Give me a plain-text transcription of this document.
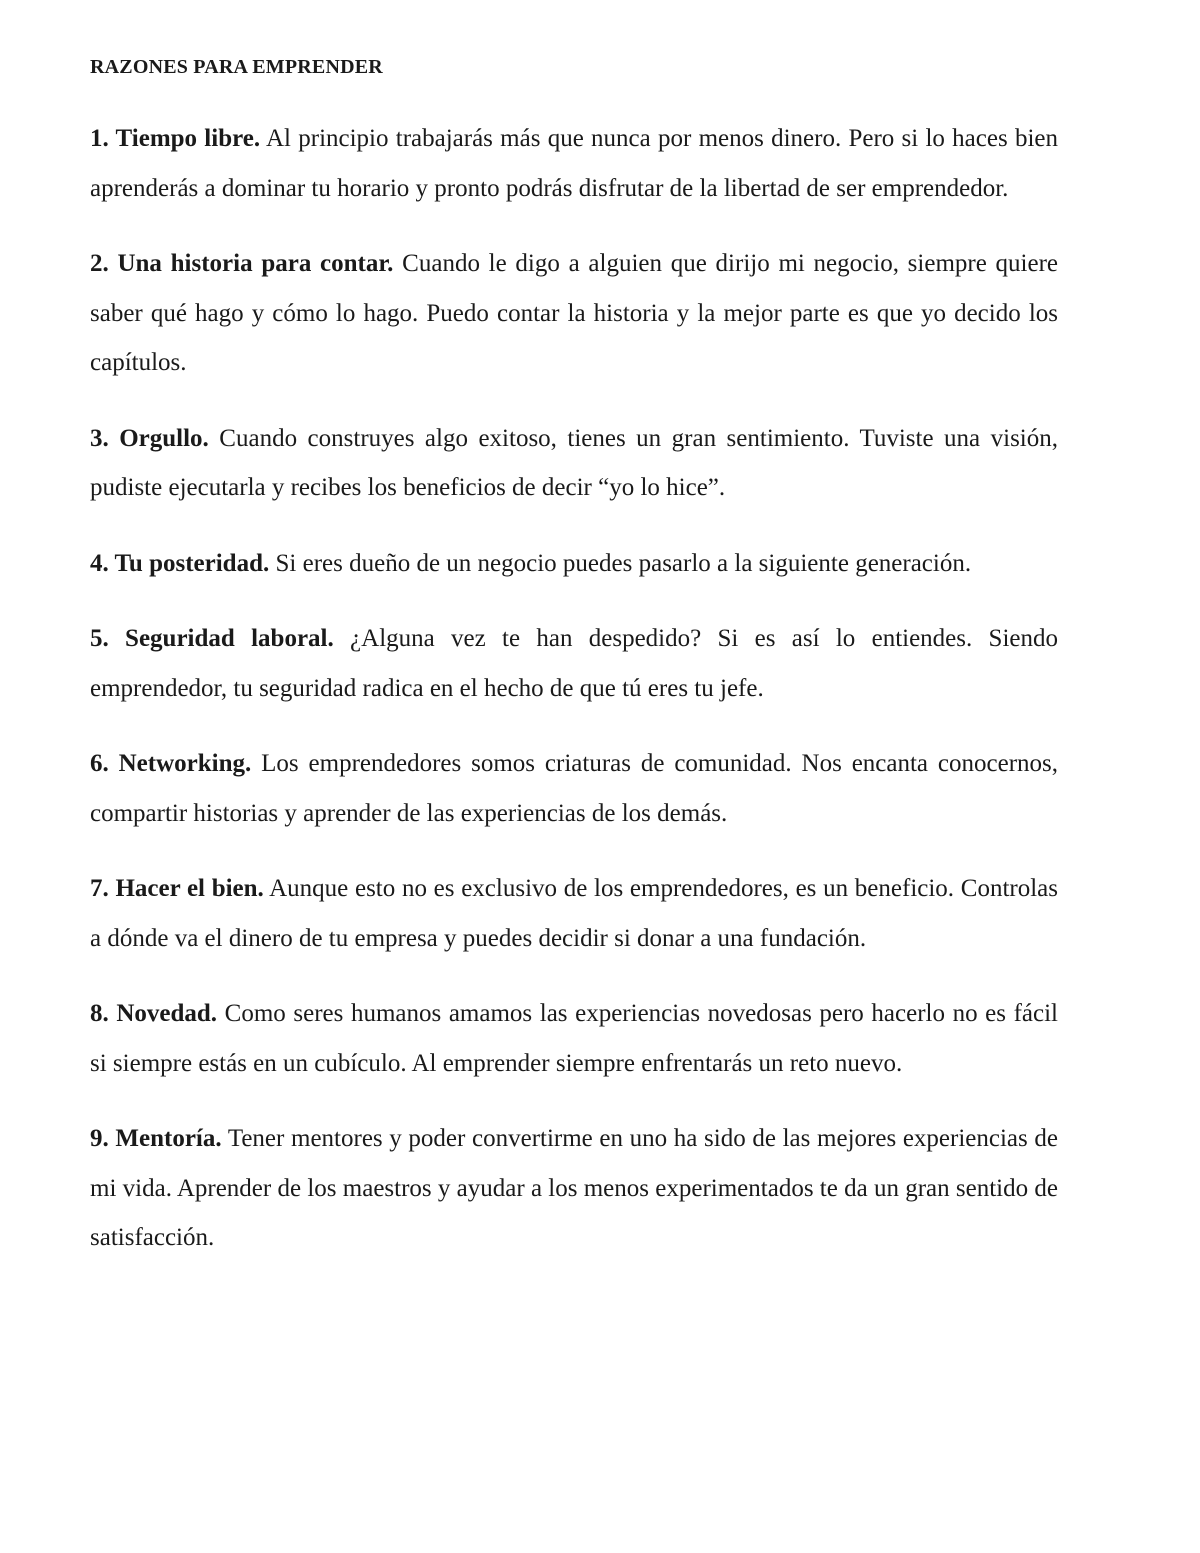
RAZONES PARA EMPRENDER

1. Tiempo libre. Al principio trabajarás más que nunca por menos dinero. Pero si lo haces bien aprenderás a dominar tu horario y pronto podrás disfrutar de la libertad de ser emprendedor.

2. Una historia para contar. Cuando le digo a alguien que dirijo mi negocio, siempre quiere saber qué hago y cómo lo hago. Puedo contar la historia y la mejor parte es que yo decido los capítulos.

3. Orgullo. Cuando construyes algo exitoso, tienes un gran sentimiento. Tuviste una visión, pudiste ejecutarla y recibes los beneficios de decir “yo lo hice”.

4. Tu posteridad. Si eres dueño de un negocio puedes pasarlo a la siguiente generación.

5. Seguridad laboral. ¿Alguna vez te han despedido? Si es así lo entiendes. Siendo emprendedor, tu seguridad radica en el hecho de que tú eres tu jefe.

6. Networking. Los emprendedores somos criaturas de comunidad. Nos encanta conocernos, compartir historias y aprender de las experiencias de los demás.

7. Hacer el bien. Aunque esto no es exclusivo de los emprendedores, es un beneficio. Controlas a dónde va el dinero de tu empresa y puedes decidir si donar a una fundación.

8. Novedad. Como seres humanos amamos las experiencias novedosas pero hacerlo no es fácil si siempre estás en un cubículo. Al emprender siempre enfrentarás un reto nuevo.

9. Mentoría. Tener mentores y poder convertirme en uno ha sido de las mejores experiencias de mi vida. Aprender de los maestros y ayudar a los menos experimentados te da un gran sentido de satisfacción.
